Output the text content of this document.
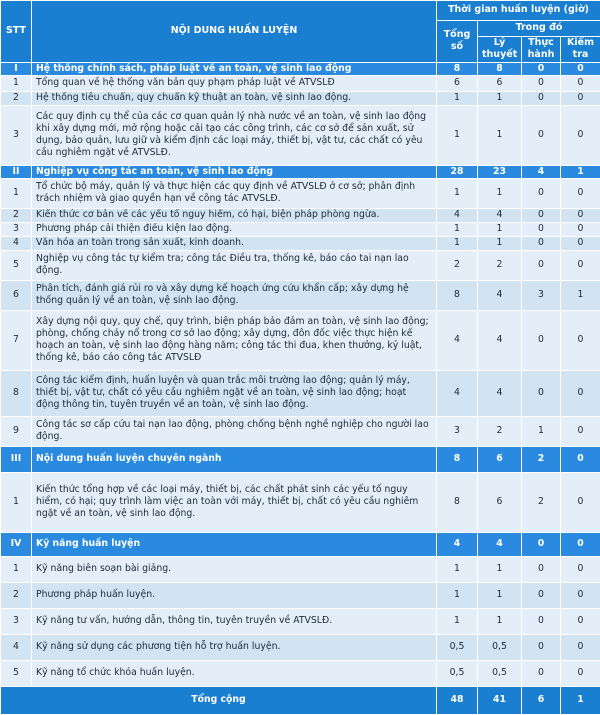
STT	NỘI DUNG HUẤN LUYỆN	Thời gian huấn luyện (giờ)			
		Tổng số	Trong đó		
			Lý thuyết	Thực hành	Kiểm tra
I	Hệ thống chính sách, pháp luật về an toàn, vệ sinh lao động	8	8	0	0
1	Tổng quan về hệ thống văn bản quy phạm pháp luật về ATVSLĐ	6	6	0	0
2	Hệ thống tiêu chuẩn, quy chuẩn kỹ thuật an toàn, vệ sinh lao động.	1	1	0	0
3	Các quy định cụ thể của các cơ quan quản lý nhà nước về an toàn, vệ sinh lao động khi xây dựng mới, mở rộng hoặc cải tạo các công trình, các cơ sở để sản xuất, sử dụng, bảo quản, lưu giữ và kiểm định các loại máy, thiết bị, vật tư, các chất có yêu cầu nghiêm ngặt về ATVSLĐ.	1	1	0	0
II	Nghiệp vụ công tác an toàn, vệ sinh lao động	28	23	4	1
1	Tổ chức bộ máy, quản lý và thực hiện các quy định về ATVSLĐ ở cơ sở; phân định trách nhiệm và giao quyền hạn về công tác ATVSLĐ.	1	1	0	0
2	Kiến thức cơ bản về các yếu tố nguy hiểm, có hại, biện pháp phòng ngừa.	4	4	0	0
3	Phương pháp cải thiện điều kiện lao động.	1	1	0	0
4	Văn hóa an toàn trong sản xuất, kinh doanh.	1	1	0	0
5	Nghiệp vụ công tác tự kiểm tra; công tác Điều tra, thống kê, báo cáo tai nạn lao động.	2	2	0	0
6	Phân tích, đánh giá rủi ro và xây dựng kế hoạch ứng cứu khẩn cấp; xây dựng hệ thống quản lý về an toàn, vệ sinh lao động.	8	4	3	1
7	Xây dựng nội quy, quy chế, quy trình, biện pháp bảo đảm an toàn, vệ sinh lao động; phòng, chống cháy nổ trong cơ sở lao động; xây dựng, đôn đốc việc thực hiện kế hoạch an toàn, vệ sinh lao động hàng năm; công tác thi đua, khen thưởng, kỷ luật, thống kê, báo cáo công tác ATVSLĐ	4	4	0	0
8	Công tác kiểm định, huấn luyện và quan trắc môi trường lao động; quản lý máy, thiết bị, vật tư, chất có yêu cầu nghiêm ngặt về an toàn, vệ sinh lao động; hoạt động thông tin, tuyên truyền về an toàn, vệ sinh lao động.	4	4	0	0
9	Công tác sơ cấp cứu tai nạn lao động, phòng chống bệnh nghề nghiệp cho người lao động.	3	2	1	0
III	Nội dung huấn luyện chuyên ngành	8	6	2	0
1	Kiến thức tổng hợp về các loại máy, thiết bị, các chất phát sinh các yếu tố nguy hiểm, có hại; quy trình làm việc an toàn với máy, thiết bị, chất có yêu cầu nghiêm ngặt về an toàn, vệ sinh lao động.	8	6	2	0
IV	Kỹ năng huấn luyện	4	4	0	0
1	Kỹ năng biên soạn bài giảng.	1	1	0	0
2	Phương pháp huấn luyện.	1	1	0	0
3	Kỹ năng tư vấn, hướng dẫn, thông tin, tuyên truyền về ATVSLĐ.	1	1	0	0
4	Kỹ năng sử dụng các phương tiện hỗ trợ huấn luyện.	0,5	0,5	0	0
5	Kỹ năng tổ chức khóa huấn luyện.	0,5	0,5	0	0
Tổng cộng		48	41	6	1
